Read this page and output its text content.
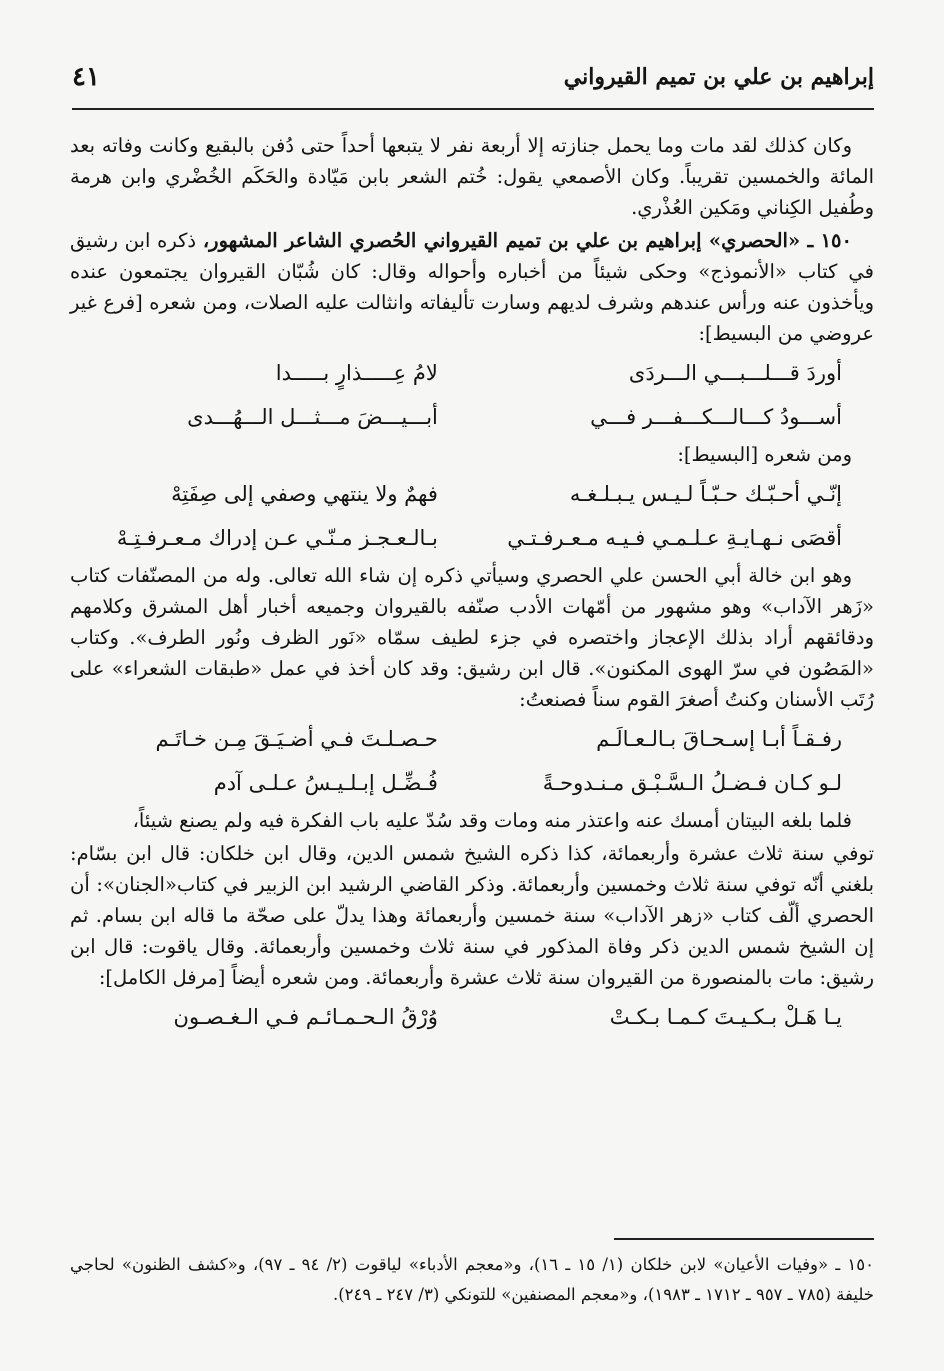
إبراهيم بن علي بن تميم القيرواني
٤١

وكان كذلك لقد مات وما يحمل جنازته إلا أربعة نفر لا يتبعها أحداً حتى دُفن بالبقيع وكانت وفاته بعد المائة والخمسين تقريباً. وكان الأصمعي يقول: خُتم الشعر بابن مَيّادة والحَكَم الخُضْري وابن هرمة وطُفيل الكِناني ومَكين العُذْري.

١٥٠ ـ «الحصري» إبراهيم بن علي بن تميم القيرواني الحُصري الشاعر المشهور، ذكره ابن رشيق في كتاب «الأنموذج» وحكى شيئاً من أخباره وأحواله وقال: كان شُبّان القيروان يجتمعون عنده ويأخذون عنه ورأس عندهم وشرف لديهم وسارت تأليفاته وانثالت عليه الصلات، ومن شعره [فرع غير عروضي من البسيط]:

أوردَ قـــلـــبـــي الـــردَى
لامُ عِـــــذارٍ بـــــدا
أســـودُ كـــالـــكـــفـــر فـــي
أبـــيـــضَ مـــثـــل الـــهُـــدى

ومن شعره [البسيط]:

إنّـي أحـبّـك حـبّـاً لـيـس يـبـلـغـه
فهمٌ ولا ينتهي وصفي إلى صِفَتِهْ
أقصَى نـهـايـةِ عـلـمـي فـيـه مـعـرفـتـي
بـالـعـجـز مـنّـي عـن إدراك مـعـرفـتِـهْ

وهو ابن خالة أبي الحسن علي الحصري وسيأتي ذكره إن شاء الله تعالى. وله من المصنّفات كتاب «زَهر الآداب» وهو مشهور من أمّهات الأدب صنّفه بالقيروان وجميعه أخبار أهل المشرق وكلامهم ودقائقهم أراد بذلك الإعجاز واختصره في جزء لطيف سمّاه «نَور الظرف ونُور الطرف». وكتاب «المَصُون في سرّ الهوى المكنون». قال ابن رشيق: وقد كان أخذ في عمل «طبقات الشعراء» على رُتَب الأسنان وكنتُ أصغرَ القوم سناً فصنعتُ:

رفـقـاً أبـا إسـحـاقَ بـالـعـالَـم
حـصـلـتَ فـي أضـيَـقَ مِـن خـاتَـم
لـو كـان فـضـلُ الـسَّـبْـق مـنـدوحـةً
فُـضِّـل إبـلـيـسُ عـلـى آدم

فلما بلغه البيتان أمسك عنه واعتذر منه ومات وقد سُدّ عليه باب الفكرة فيه ولم يصنع شيئاً،

توفي سنة ثلاث عشرة وأربعمائة، كذا ذكره الشيخ شمس الدين، وقال ابن خلكان: قال ابن بسّام: بلغني أنّه توفي سنة ثلاث وخمسين وأربعمائة. وذكر القاضي الرشيد ابن الزبير في كتاب«الجنان»: أن الحصري ألّف كتاب «زهر الآداب» سنة خمسين وأربعمائة وهذا يدلّ على صحّة ما قاله ابن بسام. ثم إن الشيخ شمس الدين ذكر وفاة المذكور في سنة ثلاث وخمسين وأربعمائة. وقال ياقوت: قال ابن رشيق: مات بالمنصورة من القيروان سنة ثلاث عشرة وأربعمائة. ومن شعره أيضاً [مرفل الكامل]:

يـا هَـلْ بـكـيـتَ كـمـا بـكـتْ
وُرْقُ الـحـمـائـم فـي الـغـصـون
١٥٠ ـ «وفيات الأعيان» لابن خلكان (١/ ١٥ ـ ١٦)، و«معجم الأدباء» لياقوت (٢/ ٩٤ ـ ٩٧)، و«كشف الظنون» لحاجي خليفة (٧٨٥ ـ ٩٥٧ ـ ١٧١٢ ـ ١٩٨٣)، و«معجم المصنفين» للتونكي (٣/ ٢٤٧ ـ ٢٤٩).
